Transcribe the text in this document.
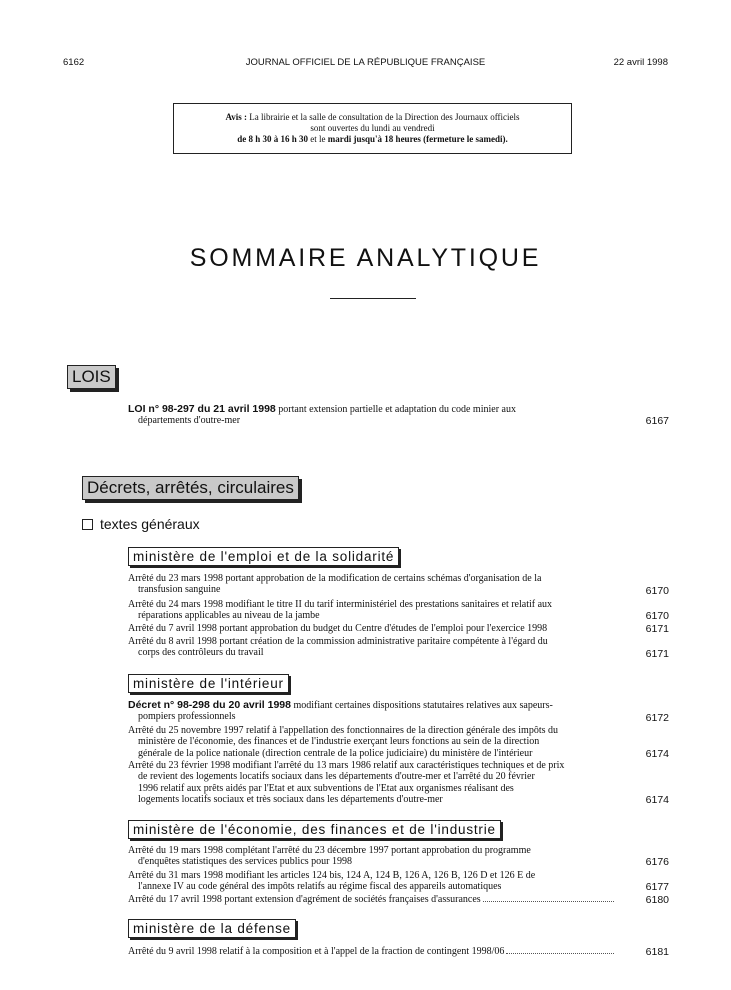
6162	JOURNAL OFFICIEL DE LA RÉPUBLIQUE FRANÇAISE	22 avril 1998
Avis : La librairie et la salle de consultation de la Direction des Journaux officiels
sont ouvertes du lundi au vendredi
de 8 h 30 à 16 h 30 et le mardi jusqu'à 18 heures (fermeture le samedi).
SOMMAIRE ANALYTIQUE
LOIS
LOI n° 98-297 du 21 avril 1998 portant extension partielle et adaptation du code minier aux
départements d'outre-mer	6167
Décrets, arrêtés, circulaires
textes généraux
ministère de l'emploi et de la solidarité
Arrêté du 23 mars 1998 portant approbation de la modification de certains schémas d'organisation de la
transfusion sanguine	6170
Arrêté du 24 mars 1998 modifiant le titre II du tarif interministériel des prestations sanitaires et relatif aux
réparations applicables au niveau de la jambe	6170
Arrêté du 7 avril 1998 portant approbation du budget du Centre d'études de l'emploi pour l'exercice 1998	6171
Arrêté du 8 avril 1998 portant création de la commission administrative paritaire compétente à l'égard du
corps des contrôleurs du travail	6171
ministère de l'intérieur
Décret n° 98-298 du 20 avril 1998 modifiant certaines dispositions statutaires relatives aux sapeurs-
pompiers professionnels	6172
Arrêté du 25 novembre 1997 relatif à l'appellation des fonctionnaires de la direction générale des impôts du
ministère de l'économie, des finances et de l'industrie exerçant leurs fonctions au sein de la direction
générale de la police nationale (direction centrale de la police judiciaire) du ministère de l'intérieur	6174
Arrêté du 23 février 1998 modifiant l'arrêté du 13 mars 1986 relatif aux caractéristiques techniques et de prix
de revient des logements locatifs sociaux dans les départements d'outre-mer et l'arrêté du 20 février
1996 relatif aux prêts aidés par l'Etat et aux subventions de l'Etat aux organismes réalisant des
logements locatifs sociaux et très sociaux dans les départements d'outre-mer	6174
ministère de l'économie, des finances et de l'industrie
Arrêté du 19 mars 1998 complétant l'arrêté du 23 décembre 1997 portant approbation du programme
d'enquêtes statistiques des services publics pour 1998	6176
Arrêté du 31 mars 1998 modifiant les articles 124 bis, 124 A, 124 B, 126 A, 126 B, 126 D et 126 E de
l'annexe IV au code général des impôts relatifs au régime fiscal des appareils automatiques	6177
Arrêté du 17 avril 1998 portant extension d'agrément de sociétés françaises d'assurances	6180
ministère de la défense
Arrêté du 9 avril 1998 relatif à la composition et à l'appel de la fraction de contingent 1998/06	6181
